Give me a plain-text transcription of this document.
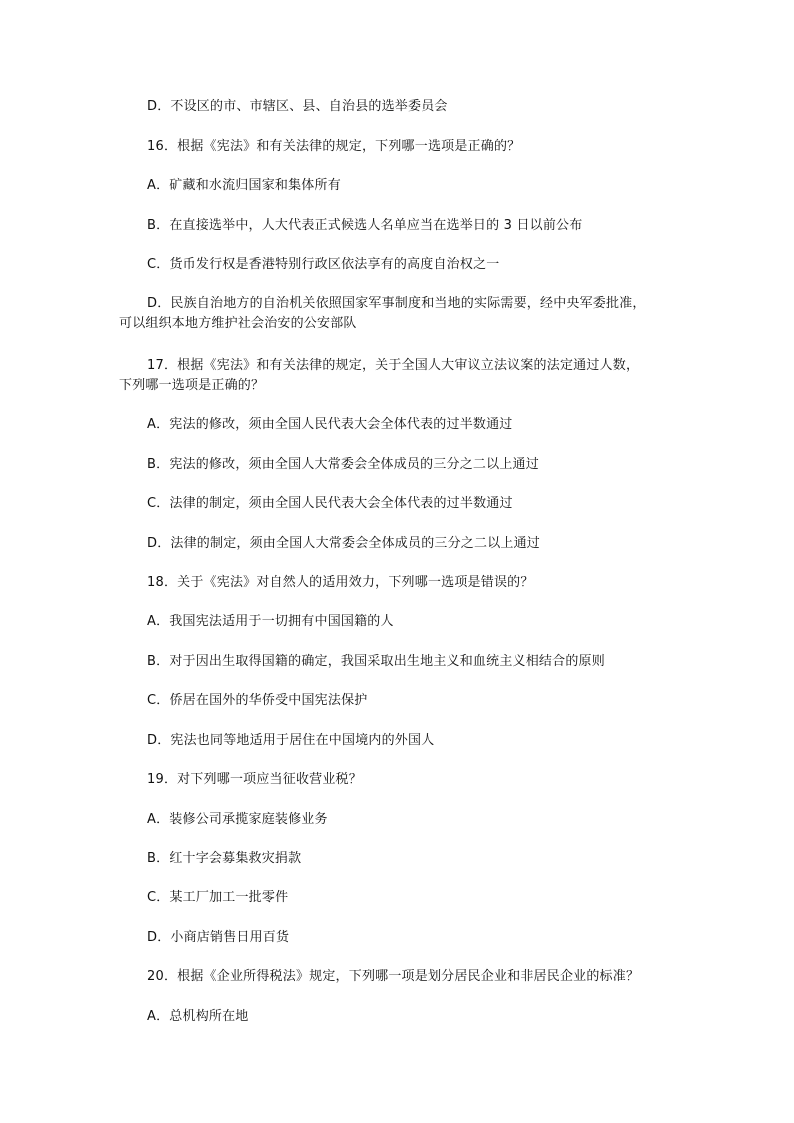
D．不设区的市、市辖区、县、自治县的选举委员会
16．根据《宪法》和有关法律的规定，下列哪一选项是正确的？
A．矿藏和水流归国家和集体所有
B．在直接选举中，人大代表正式候选人名单应当在选举日的 3 日以前公布
C．货币发行权是香港特别行政区依法享有的高度自治权之一
D．民族自治地方的自治机关依照国家军事制度和当地的实际需要，经中央军委批准，
可以组织本地方维护社会治安的公安部队
17．根据《宪法》和有关法律的规定，关于全国人大审议立法议案的法定通过人数，
下列哪一选项是正确的？
A．宪法的修改，须由全国人民代表大会全体代表的过半数通过
B．宪法的修改，须由全国人大常委会全体成员的三分之二以上通过
C．法律的制定，须由全国人民代表大会全体代表的过半数通过
D．法律的制定，须由全国人大常委会全体成员的三分之二以上通过
18．关于《宪法》对自然人的适用效力，下列哪一选项是错误的？
A．我国宪法适用于一切拥有中国国籍的人
B．对于因出生取得国籍的确定，我国采取出生地主义和血统主义相结合的原则
C．侨居在国外的华侨受中国宪法保护
D．宪法也同等地适用于居住在中国境内的外国人
19．对下列哪一项应当征收营业税？
A．装修公司承揽家庭装修业务
B．红十字会募集救灾捐款
C．某工厂加工一批零件
D．小商店销售日用百货
20．根据《企业所得税法》规定，下列哪一项是划分居民企业和非居民企业的标准？
A．总机构所在地
